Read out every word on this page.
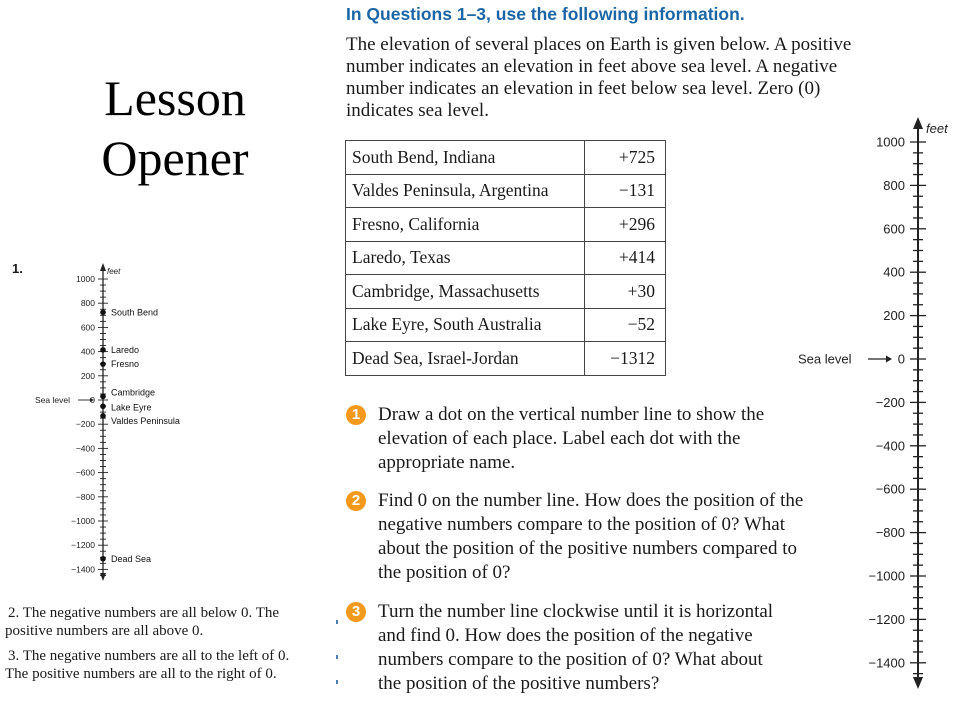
Lesson Opener
In Questions 1–3, use the following information.
The elevation of several places on Earth is given below. A positive number indicates an elevation in feet above sea level. A negative number indicates an elevation in feet below sea level. Zero (0) indicates sea level.
South Bend, Indiana	+725
Valdes Peninsula, Argentina	−131
Fresno, California	+296
Laredo, Texas	+414
Cambridge, Massachusetts	+30
Lake Eyre, South Australia	−52
Dead Sea, Israel-Jordan	−1312
1 Draw a dot on the vertical number line to show the elevation of each place. Label each dot with the appropriate name.
2 Find 0 on the number line. How does the position of the negative numbers compare to the position of 0? What about the position of the positive numbers compared to the position of 0?
3 Turn the number line clockwise until it is horizontal and find 0. How does the position of the negative numbers compare to the position of 0? What about the position of the positive numbers?
1000
800
600
400
200
0
−200
−400
−600
−800
−1000
−1200
−1400
feet
Sea level
1.
1000
800
600
400
200
−200
−400
−600
−800
−1000
−1200
−1400
feet
Sea level
South Bend
Laredo
Fresno
Cambridge
Lake Eyre
Valdes Peninsula
Dead Sea
2. The negative numbers are all below 0. The
positive numbers are all above 0.
3. The negative numbers are all to the left of 0.
The positive numbers are all to the right of 0.
